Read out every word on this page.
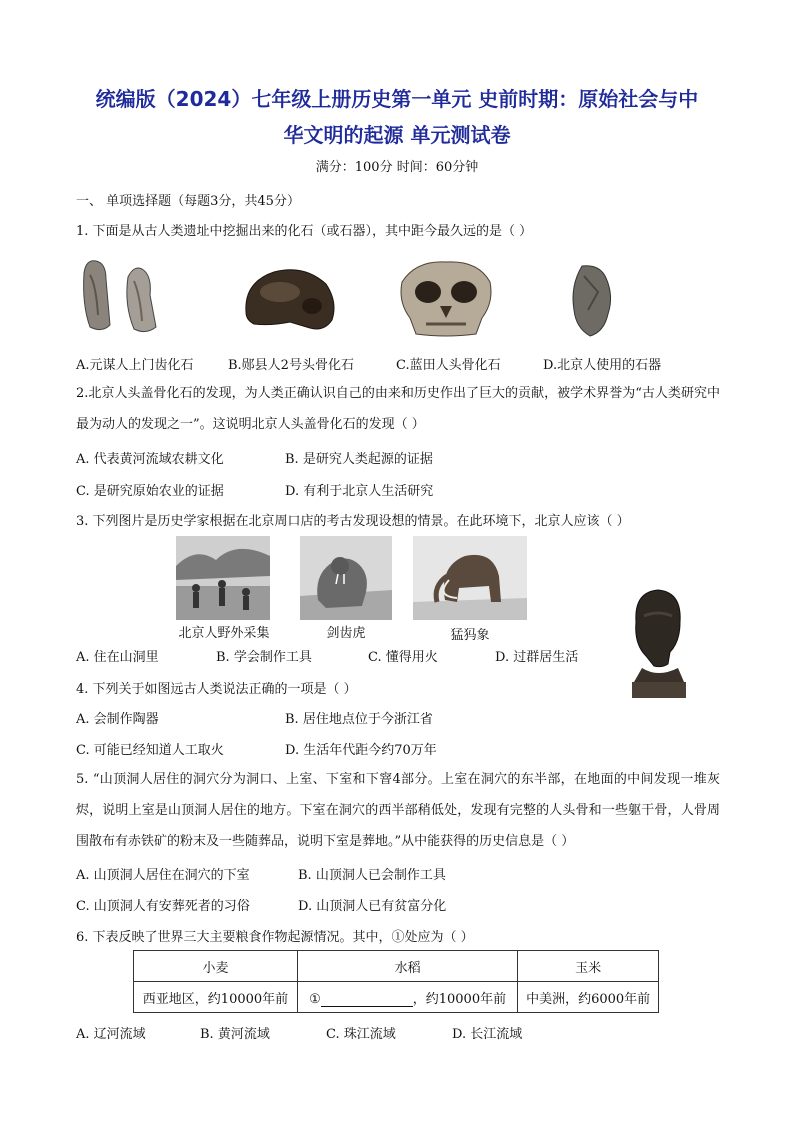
统编版（2024）七年级上册历史第一单元 史前时期：原始社会与中
华文明的起源 单元测试卷
满分：100分 时间：60分钟
一、 单项选择题（每题3分，共45分）
1. 下面是从古人类遗址中挖掘出来的化石（或石器），其中距今最久远的是（ ）
A.元谋人上门齿化石	B.郧县人2号头骨化石	C.蓝田人头骨化石	D.北京人使用的石器
2.北京人头盖骨化石的发现，为人类正确认识自己的由来和历史作出了巨大的贡献，被学术界誉为“古人类研究中最为动人的发现之一”。这说明北京人头盖骨化石的发现（ ）
A. 代表黄河流域农耕文化	B. 是研究人类起源的证据
C. 是研究原始农业的证据	D. 有利于北京人生活研究
3. 下列图片是历史学家根据在北京周口店的考古发现设想的情景。在此环境下，北京人应该（ ）
北京人野外采集	剑齿虎	猛犸象
A. 住在山洞里	B. 学会制作工具	C. 懂得用火	D. 过群居生活
4. 下列关于如图远古人类说法正确的一项是（ ）
A. 会制作陶器	B. 居住地点位于今浙江省
C. 可能已经知道人工取火	D. 生活年代距今约70万年
5. “山顶洞人居住的洞穴分为洞口、上室、下室和下窨4部分。上室在洞穴的东半部，在地面的中间发现一堆灰烬，说明上室是山顶洞人居住的地方。下室在洞穴的西半部稍低处，发现有完整的人头骨和一些躯干骨，人骨周围散布有赤铁矿的粉末及一些随葬品，说明下室是葬地。”从中能获得的历史信息是（ ）
A. 山顶洞人居住在洞穴的下室	B. 山顶洞人已会制作工具
C. 山顶洞人有安葬死者的习俗	D. 山顶洞人已有贫富分化
6. 下表反映了世界三大主要粮食作物起源情况。其中，①处应为（ ）
小麦	水稻	玉米
西亚地区，约10000年前	① ，约10000年前	中美洲，约6000年前
A. 辽河流域	B. 黄河流域	C. 珠江流域	D. 长江流域
